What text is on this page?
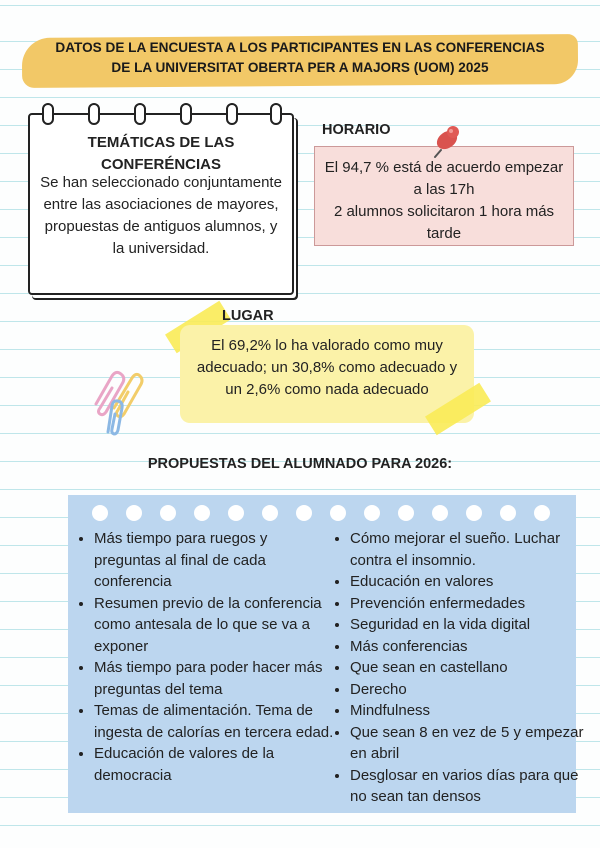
DATOS DE LA ENCUESTA A LOS PARTICIPANTES EN LAS CONFERENCIAS
DE LA UNIVERSITAT OBERTA PER A MAJORS (UOM) 2025
TEMÁTICAS DE LAS
CONFERÉNCIAS
Se han seleccionado conjuntamente entre las asociaciones de mayores, propuestas de antiguos alumnos, y la universidad.
HORARIO
El 94,7 % está de acuerdo empezar a las 17h
2 alumnos solicitaron 1 hora más tarde
El 69,2% lo ha valorado como muy adecuado; un 30,8% como adecuado y un 2,6% como nada adecuado
LUGAR
PROPUESTAS DEL ALUMNADO PARA 2026:
• Más tiempo para ruegos y preguntas al final de cada conferencia
• Resumen previo de la conferencia como antesala de lo que se va a exponer
• Más tiempo para poder hacer más preguntas del tema
• Temas de alimentación. Tema de ingesta de calorías en tercera edad.
• Educación de valores de la democracia
• Cómo mejorar el sueño. Luchar contra el insomnio.
• Educación en valores
• Prevención enfermedades
• Seguridad en la vida digital
• Más conferencias
• Que sean en castellano
• Derecho
• Mindfulness
• Que sean 8 en vez de 5 y empezar en abril
• Desglosar en varios días para que no sean tan densos
